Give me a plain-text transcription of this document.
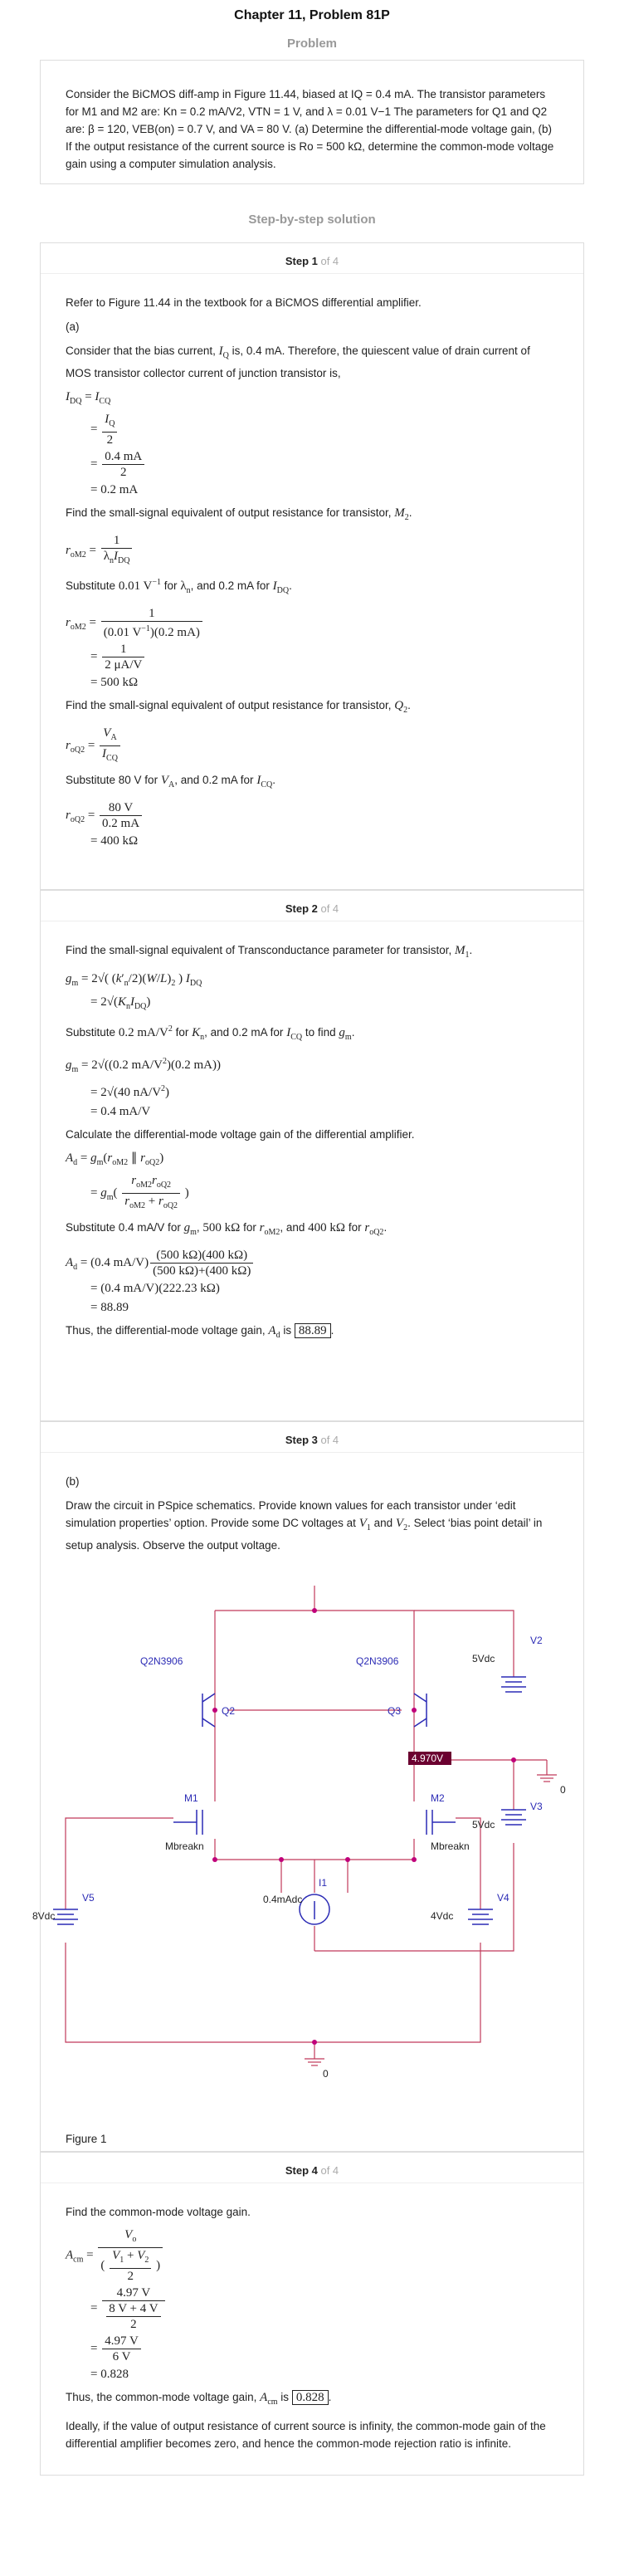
Chapter 11, Problem 81P
Problem
Consider the BiCMOS diff-amp in Figure 11.44, biased at IQ = 0.4 mA. The transistor parameters for M1 and M2 are: Kn = 0.2 mA/V2, VTN = 1 V, and λ = 0.01 V−1 The parameters for Q1 and Q2 are: β = 120, VEB(on) = 0.7 V, and VA = 80 V. (a) Determine the differential-mode voltage gain, (b) If the output resistance of the current source is Ro = 500 kΩ, determine the common-mode voltage gain using a computer simulation analysis.
Step-by-step solution
Step 1 of 4

Refer to Figure 11.44 in the textbook for a BiCMOS differential amplifier.

(a)

Consider that the bias current, $I_Q$ is, 0.4 mA. Therefore, the quiescent value of drain current of MOS transistor collector current of junction transistor is,

$I_{DQ} = I_{CQ}$
= $\frac{I_Q}{2}$
= $\frac{0.4 mA}{2}$
= 0.2 mA

Find the small-signal equivalent of output resistance for transistor, $M_2$.

$r_{oM2} = \frac{1}{\lambda_nI_{DQ}}$

Substitute 0.01 $V^{-1}$ for $\lambda_n$, and 0.2 mA for $I_{DQ}$.

$r_{oM2} = \frac{1}{(0.01 V^{-1})(0.2 mA)}$
= $\frac{1}{2 \mu A/V}$
= 500 kΩ

Find the small-signal equivalent of output resistance for transistor, $Q_2$.

$r_{oQ2} = \frac{V_A}{I_{CQ}}$

Substitute 80 V for $V_A$, and 0.2 mA for $I_{CQ}$.

$r_{oQ2} = \frac{80 V}{0.2 mA}$
= 400 kΩ
Step 2 of 4

Find the small-signal equivalent of Transconductance parameter for transistor, $M_1$.

$g_m = 2√$( $(k'_n/2)(W/L)_2$ ) $I_{DQ}$
= $2√(K_nI_{DQ})$

Substitute 0.2 $mA/V^2$ for $K_n$, and 0.2 mA for $I_{CQ}$ to find $g_m$.

$g_m = 2√((0.2$ $mA/V^2)(0.2$ mA))
= 2√(40 $nA/V^2$)
= 0.4 mA/V

Calculate the differential-mode voltage gain of the differential amplifier.

$A_d = g_m(r_{oM2}$ ∥ $r_{oQ2}$)
= $g_m( \frac{r_{oM2}r_{oQ2}}{r_{oM2} + r_{oQ2}}$ )

Substitute 0.4 mA/V for $g_m$, 500 kΩ for $r_{oM2}$, and 400 kΩ for $r_{oQ2}$.

$A_d = (0.4$ $mA/V) \frac{(500 k\Omega)(400 k\Omega)}{(500 k\Omega)+(400 k\Omega)}$
= (0.4 mA/V)(222.23 kΩ)
= 88.89

Thus, the differential-mode voltage gain, $A_d$ is 88.89 .

Step 3 of 4

(b)

Draw the circuit in PSpice schematics. Provide known values for each transistor under ‘edit simulation properties’ option. Provide some DC voltages at $V_1$ and $V_2$. Select ‘bias point detail’ in setup analysis. Observe the output voltage.

Q2N3906	Q2N3906
Q2	Q3
M1	M2
V2
V3
V4
V5
I1
Mbreakn	Mbreakn
5Vdc
5Vdc
4Vdc
8Vdc
0.4mAdc
0
0
4.970V
Figure 1
Step 4 of 4

Find the common-mode voltage gain.

$A_{cm} = \frac{V_o}{( \frac{V_1 + V_2}{2} )}$
= $\frac{4.97 V}{\frac{8 V + 4 V}{2}}$
= $\frac{4.97 V}{6 V}$
= 0.828

Thus, the common-mode voltage gain, $A_{cm}$ is 0.828 .

Ideally, if the value of output resistance of current source is infinity, the common-mode gain of the differential amplifier becomes zero, and hence the common-mode rejection ratio is infinite.
